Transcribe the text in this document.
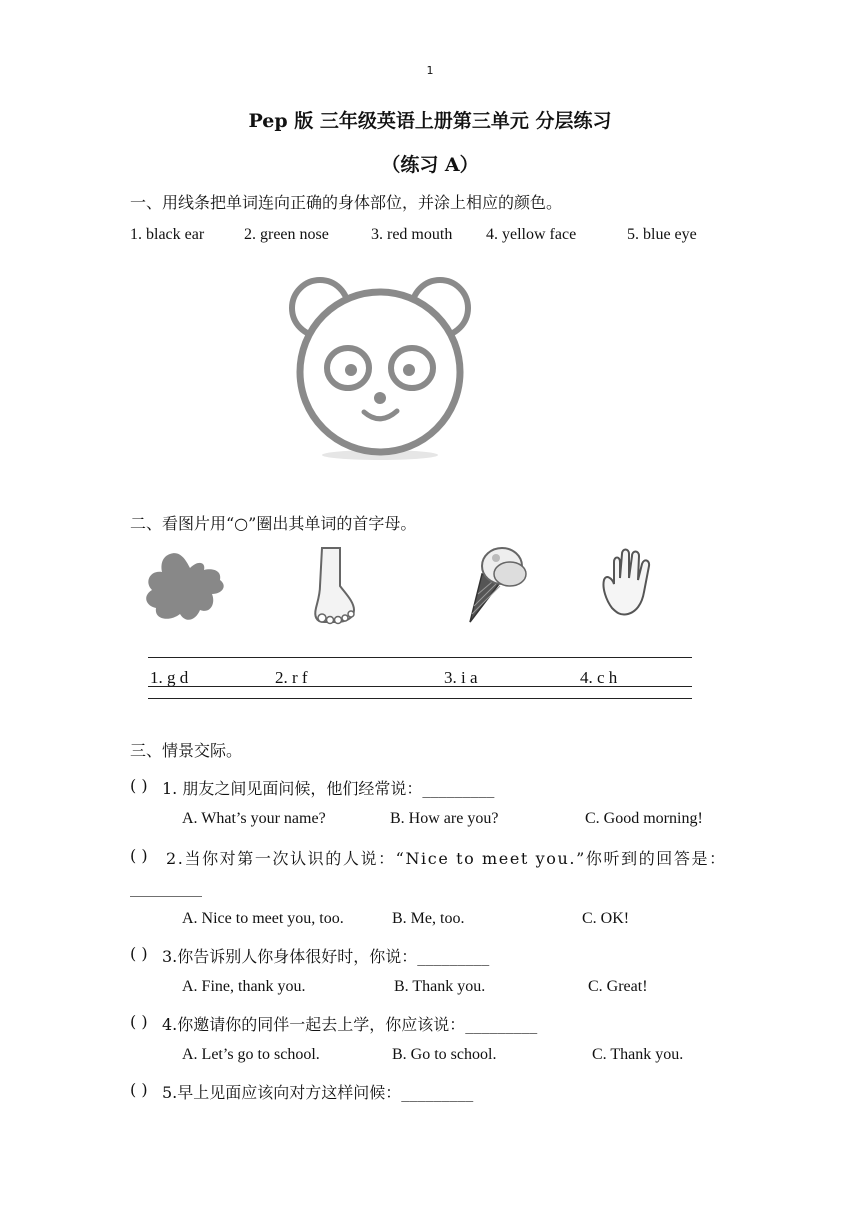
1
Pep 版 三年级英语上册第三单元 分层练习
（练习 A）
一、用线条把单词连向正确的身体部位，并涂上相应的颜色。
1. black ear 2. green nose	3. red mouth 4. yellow face	5. blue eye
二、看图片用“○”圈出其单词的首字母。
1. g d	2. r f	3. i a	4. c h
三、情景交际。
( ) 1. 朋友之间见面问候，他们经常说：_________
A. What’s your name?	B. How are you?	C. Good morning!
( ) 2.当你对第一次认识的人说：“Nice to meet you.”你听到的回答是：
_________
A. Nice to meet you, too.	B. Me, too.	C. OK!
( ) 3.你告诉别人你身体很好时，你说：_________
A. Fine, thank you.	B. Thank you.	C. Great!
( ) 4.你邀请你的同伴一起去上学，你应该说：_________
A. Let’s go to school.	B. Go to school.	C. Thank you.
( ) 5.早上见面应该向对方这样问候：_________
